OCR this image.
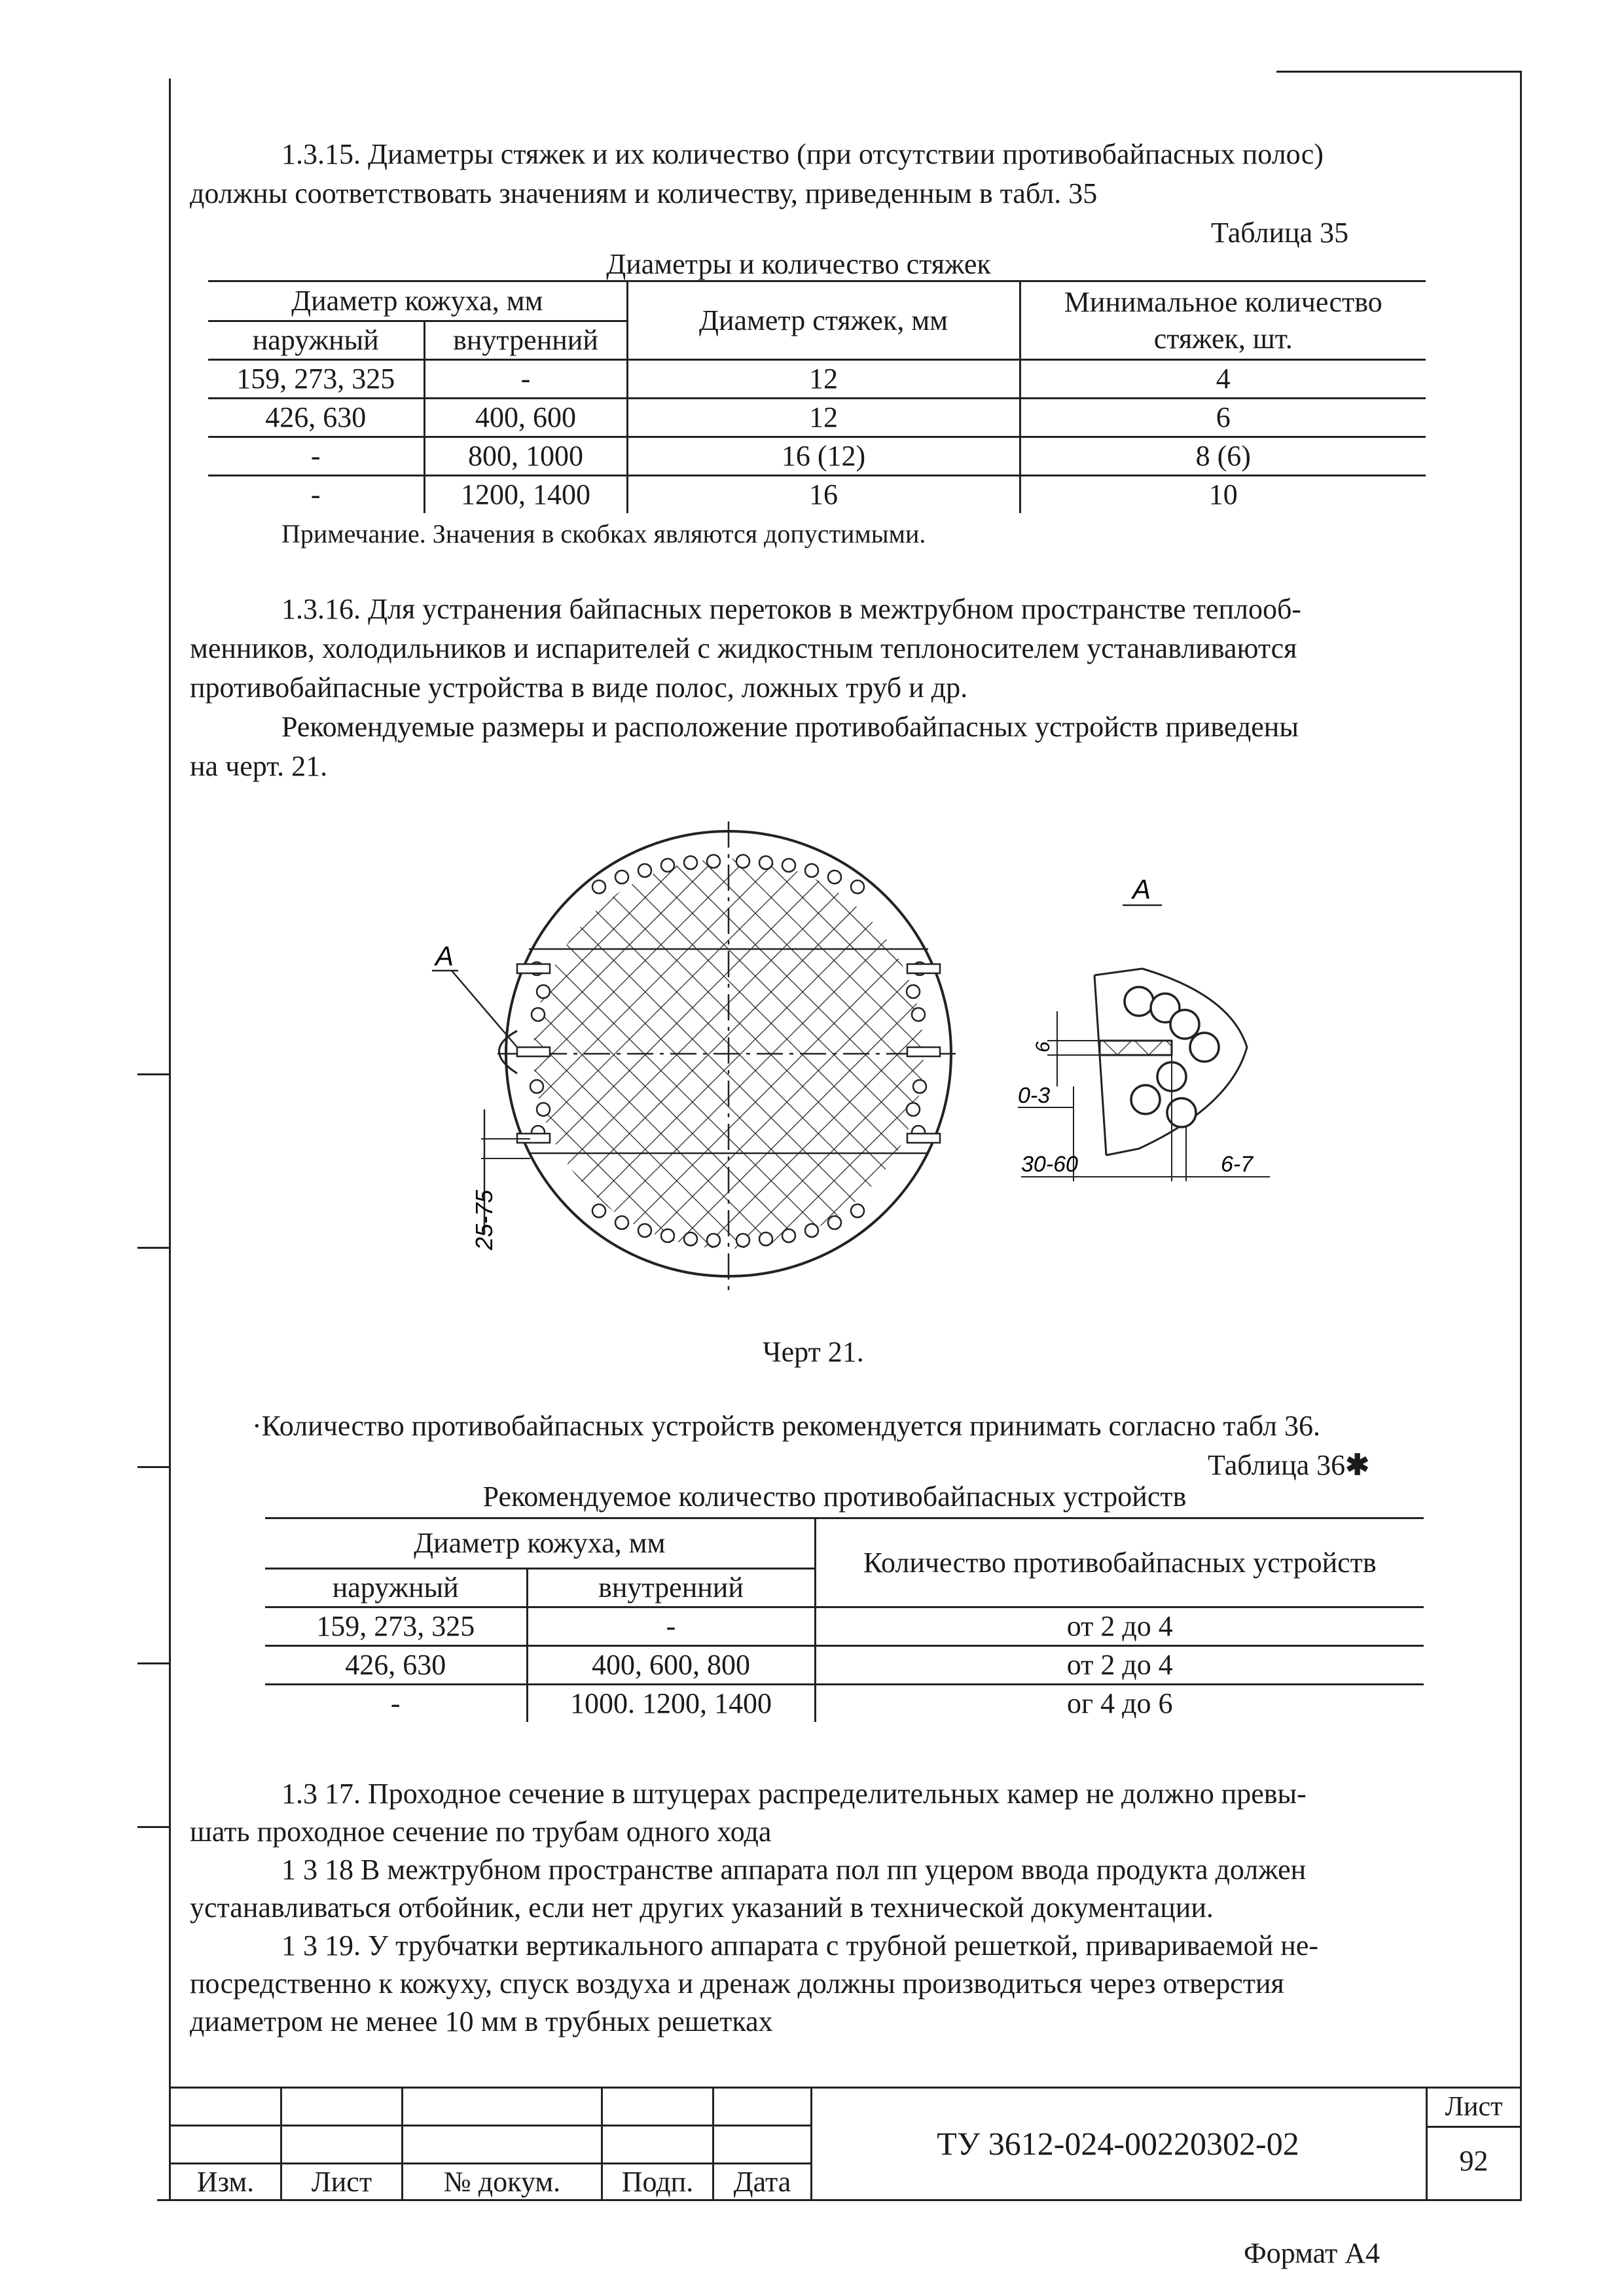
1.3.15. Диаметры стяжек и их количество (при отсутствии противобайпасных полос)
должны соответствовать значениям и количеству, приведенным в табл. 35
Таблица 35
Диаметры и количество стяжек
Диаметр кожуха, мм		Диаметр стяжек, мм	Минимальное количество
стяжек, шт.

наружный	внутренний		
159, 273, 325	-	12	4
426, 630	400, 600	12	6
-	800, 1000	16 (12)	8 (6)
-	1200, 1400	16	10
Примечание. Значения в скобках являются допустимыми.
1.3.16. Для устранения байпасных перетоков в межтрубном пространстве теплооб-
менников, холодильников и испарителей с жидкостным теплоносителем устанавливаются
противобайпасные устройства в виде полос, ложных труб и др.
Рекомендуемые размеры и расположение противобайпасных устройств приведены
на черт. 21.
А
25-75
А
6
0-3
30-60	6-7
Черт 21.
·Количество противобайпасных устройств рекомендуется принимать согласно табл 36.
Таблица 36✱
Рекомендуемое количество противобайпасных устройств
Диаметр кожуха, мм		Количество противобайпасных устройств
наружный	внутренний	
159, 273, 325	-	от 2 до 4
426, 630	400, 600, 800	от 2 до 4
-	1000. 1200, 1400	ог 4 до 6
1.3 17. Проходное сечение в штуцерах распределительных камер не должно превы-
шать проходное сечение по трубам одного хода
1 3 18 В межтрубном пространстве аппарата пол пп уцером ввода продукта должен
устанавливаться отбойник, если нет других указаний в технической документации.
1 3 19. У трубчатки вертикального аппарата с трубной решеткой, привариваемой не-
посредственно к кожуху, спуск воздуха и дренаж должны производиться через отверстия
диаметром не менее 10 мм в трубных решетках

Изм.	Лист	№ докум.	Подп.	Дата
ТУ 3612-024-00220302-02
Лист
92
Формат А4
